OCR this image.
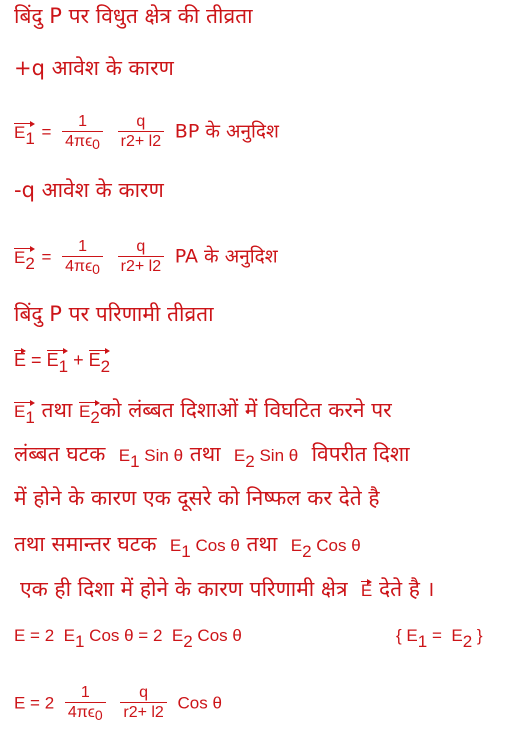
बिंदु P पर विधुत क्षेत्र की तीव्रता
+q आवेश के कारण
$E1 = \frac{1}{4\pi\epsilon 0}$
$\frac{q}{r2+ l2}$ BP के अनुदिश
-q आवेश के कारण
$E2 = \frac{1}{4\pi\epsilon 0}$
$\frac{q}{r2+ l2}$ PA के अनुदिश
बिंदु P पर परिणामी तीव्रता
E = E1 + E2
E1 तथा E2को लंब्बत दिशाओं में विघटित करने पर
लंब्बत घटक E1 Sin θ तथा E2 Sin θ विपरीत दिशा
में होने के कारण एक दूसरे को निष्फल कर देते है
तथा समान्तर घटक E1 Cos θ तथा E2 Cos θ
एक ही दिशा में होने के कारण परिणामी क्षेत्र E देते है ।
E = 2 E1 Cos θ = 2 E2 Cos θ	{ E1 = E2 }
$E = 2 \frac{1}{4\pi\epsilon 0}$
$\frac{q}{r2+ l2}$ Cos θ
